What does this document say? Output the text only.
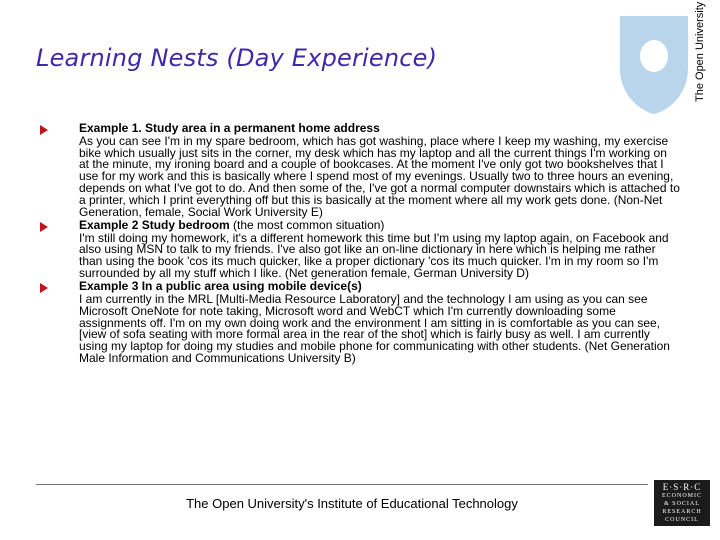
Learning Nests (Day Experience)	The Open University
Example 1. Study area in a permanent home address

As you can see I'm in my spare bedroom, which has got washing, place where I keep my washing, my exercise bike which usually just sits in the corner, my desk which has my laptop and all the current things I'm working on at the minute, my ironing board and a couple of bookcases. At the moment I've only got two bookshelves that I use for my work and this is basically where I spend most of my evenings. Usually two to three hours an evening, depends on what I've got to do. And then some of the, I've got a normal computer downstairs which is attached to a printer, which I print everything off but this is basically at the moment where all my work gets done. (Non-Net Generation, female, Social Work University E)

Example 2 Study bedroom (the most common situation)

I'm still doing my homework, it's a different homework this time but I'm using my laptop again, on Facebook and also using MSN to talk to my friends. I've also got like an on-line dictionary in here which is helping me rather than using the book 'cos its much quicker, like a proper dictionary 'cos its much quicker. I'm in my room so I'm surrounded by all my stuff which I like. (Net generation female, German University D)

Example 3 In a public area using mobile device(s)

I am currently in the MRL [Multi-Media Resource Laboratory] and the technology I am using as you can see Microsoft OneNote for note taking, Microsoft word and WebCT which I'm currently downloading some assignments off. I'm on my own doing work and the environment I am sitting in is comfortable as you can see, [view of sofa seating with more formal area in the rear of the shot] which is fairly busy as well. I am currently using my laptop for doing my studies and mobile phone for communicating with other students. (Net Generation Male Information and Communications University B)

The Open University's Institute of Educational Technology
E·S·R·C
ECONOMIC
& SOCIAL
RESEARCH
COUNCIL
